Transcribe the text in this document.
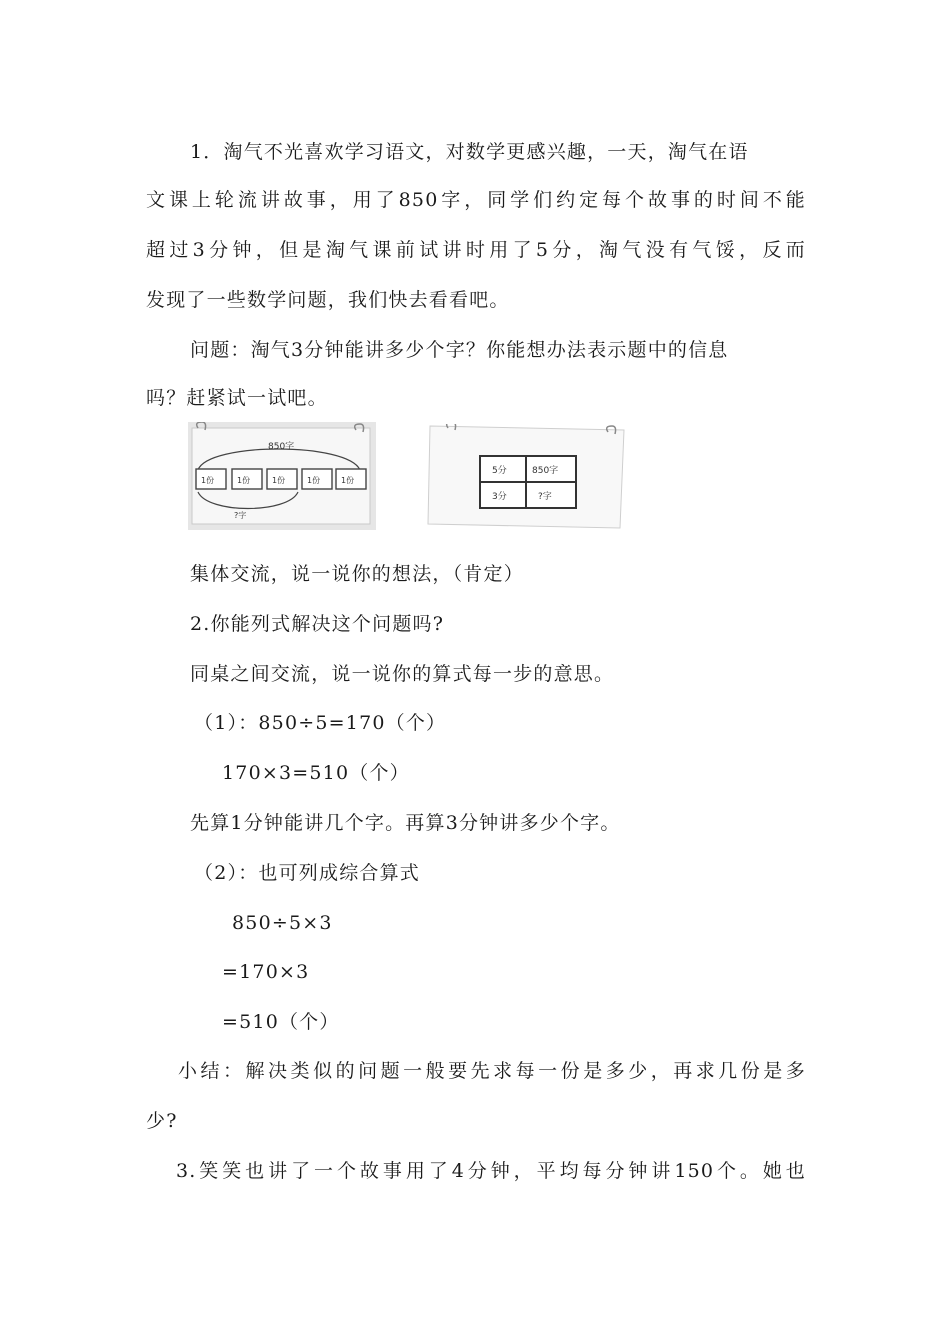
1．淘气不光喜欢学习语文，对数学更感兴趣，一天，淘气在语
文课上轮流讲故事，用了850字，同学们约定每个故事的时间不能
超过3分钟，但是淘气课前试讲时用了5分，淘气没有气馁，反而
发现了一些数学问题，我们快去看看吧。
问题：淘气3分钟能讲多少个字？你能想办法表示题中的信息
吗？赶紧试一试吧。
850字
1份	1份	1份	1份	1份
?字
5分	850字
3分	?字
集体交流，说一说你的想法，（肯定）
2.你能列式解决这个问题吗?
同桌之间交流，说一说你的算式每一步的意思。
（1）：850÷5=170（个）
170×3=510（个）
先算1分钟能讲几个字。再算3分钟讲多少个字。
（2）：也可列成综合算式
850÷5×3
=170×3
=510（个）
小结：解决类似的问题一般要先求每一份是多少，再求几份是多
少?
3.笑笑也讲了一个故事用了4分钟，平均每分钟讲150个。她也
